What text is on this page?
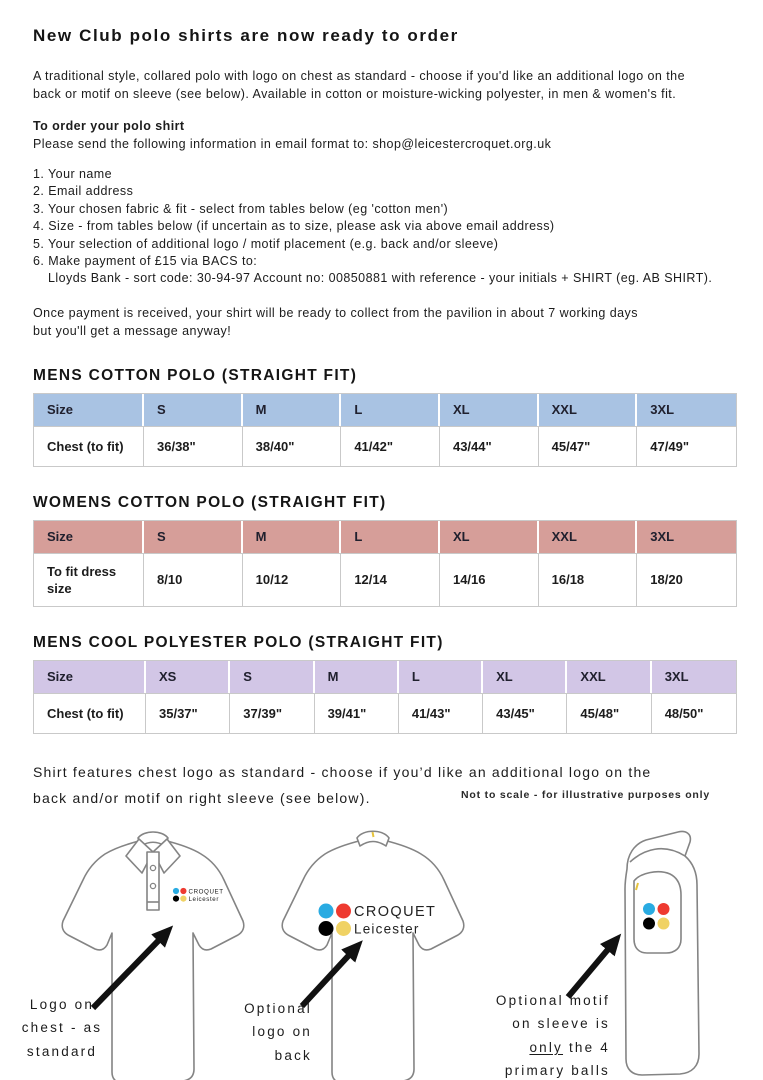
New Club polo shirts are now ready to order
A traditional style, collared polo with logo on chest as standard - choose if you'd like an additional logo on the
back or motif on sleeve (see below). Available in cotton or moisture-wicking polyester, in men & women's fit.
To order your polo shirt
Please send the following information in email format to: shop@leicestercroquet.org.uk
1. Your name
2. Email address
3. Your chosen fabric & fit - select from tables below (eg 'cotton men')
4. Size - from tables below (if uncertain as to size, please ask via above email address)
5. Your selection of additional logo / motif placement (e.g. back and/or sleeve)
6. Make payment of £15 via BACS to:
Lloyds Bank - sort code: 30-94-97 Account no: 00850881 with reference - your initials + SHIRT (eg. AB SHIRT).
Once payment is received, your shirt will be ready to collect from the pavilion in about 7 working days
but you'll get a message anyway!
MENS COTTON POLO (STRAIGHT FIT)
Size	S	M	L	XL	XXL	3XL
Chest (to fit)	36/38"	38/40"	41/42"	43/44"	45/47"	47/49"
WOMENS COTTON POLO (STRAIGHT FIT)
Size	S	M	L	XL	XXL	3XL
To fit dress size	8/10	10/12	12/14	14/16	16/18	18/20
MENS COOL POLYESTER POLO (STRAIGHT FIT)
Size	XS	S	M	L	XL	XXL	3XL
Chest (to fit)	35/37"	37/39"	39/41"	41/43"	43/45"	45/48"	48/50"
Shirt features chest logo as standard - choose if you’d like an additional logo on the
back and/or motif on right sleeve (see below).	Not to scale - for illustrative purposes only
CROQUET
Leicester
CROQUET
Leicester
Logo on
chest - as
standard
Optional
logo on
back
Optional motif
on sleeve is
only the 4
primary balls
